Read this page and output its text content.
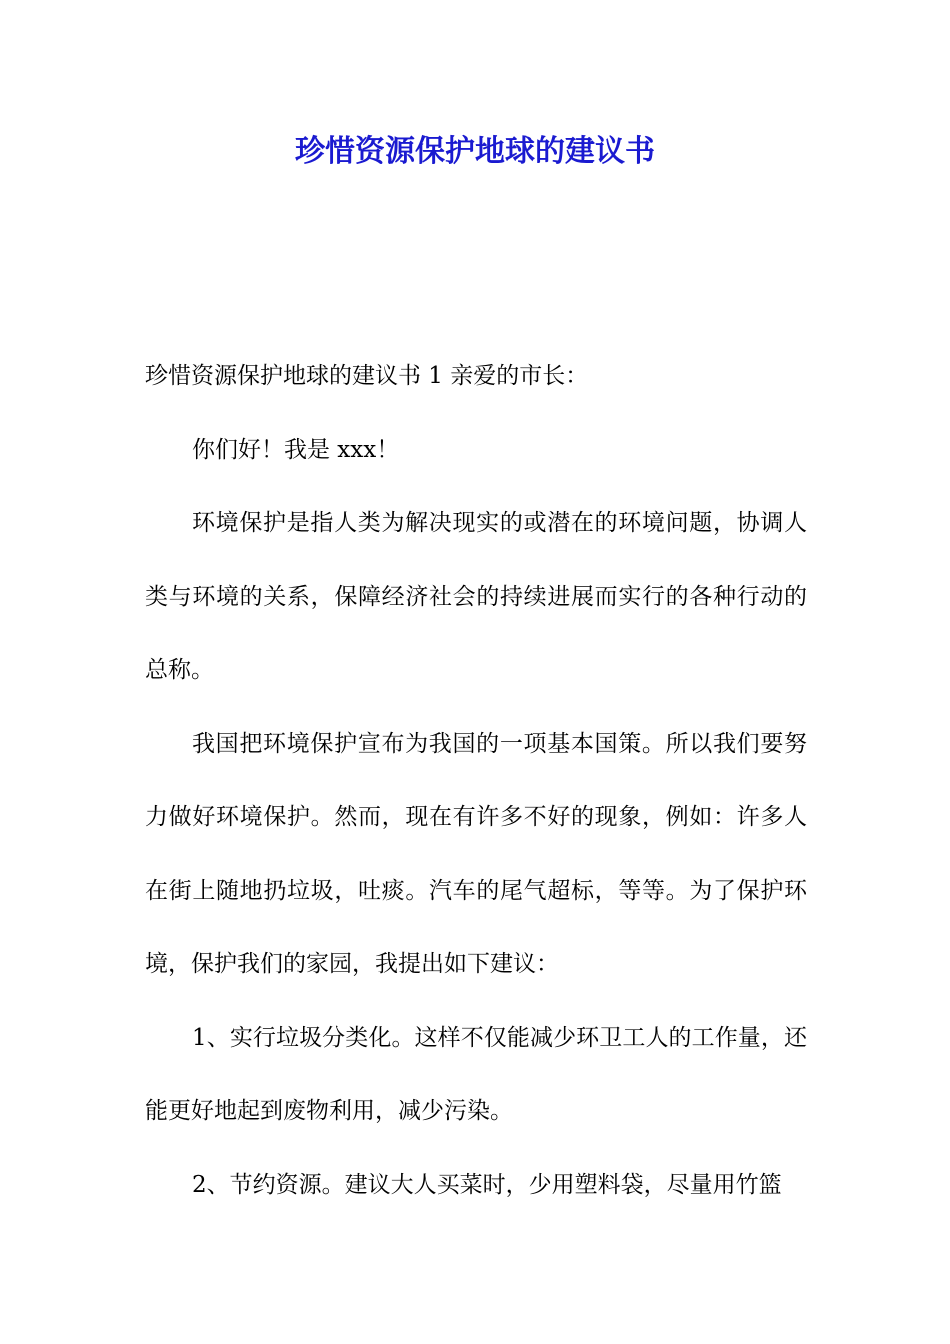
珍惜资源保护地球的建议书

珍惜资源保护地球的建议书 1 亲爱的市长：

你们好！我是 xxx！

环境保护是指人类为解决现实的或潜在的环境问题，协调人类与环境的关系，保障经济社会的持续进展而实行的各种行动的总称。

我国把环境保护宣布为我国的一项基本国策。所以我们要努力做好环境保护。然而，现在有许多不好的现象，例如：许多人在街上随地扔垃圾，吐痰。汽车的尾气超标，等等。为了保护环境，保护我们的家园，我提出如下建议：

1、实行垃圾分类化。这样不仅能减少环卫工人的工作量，还能更好地起到废物利用，减少污染。

2、节约资源。建议大人买菜时，少用塑料袋，尽量用竹篮
